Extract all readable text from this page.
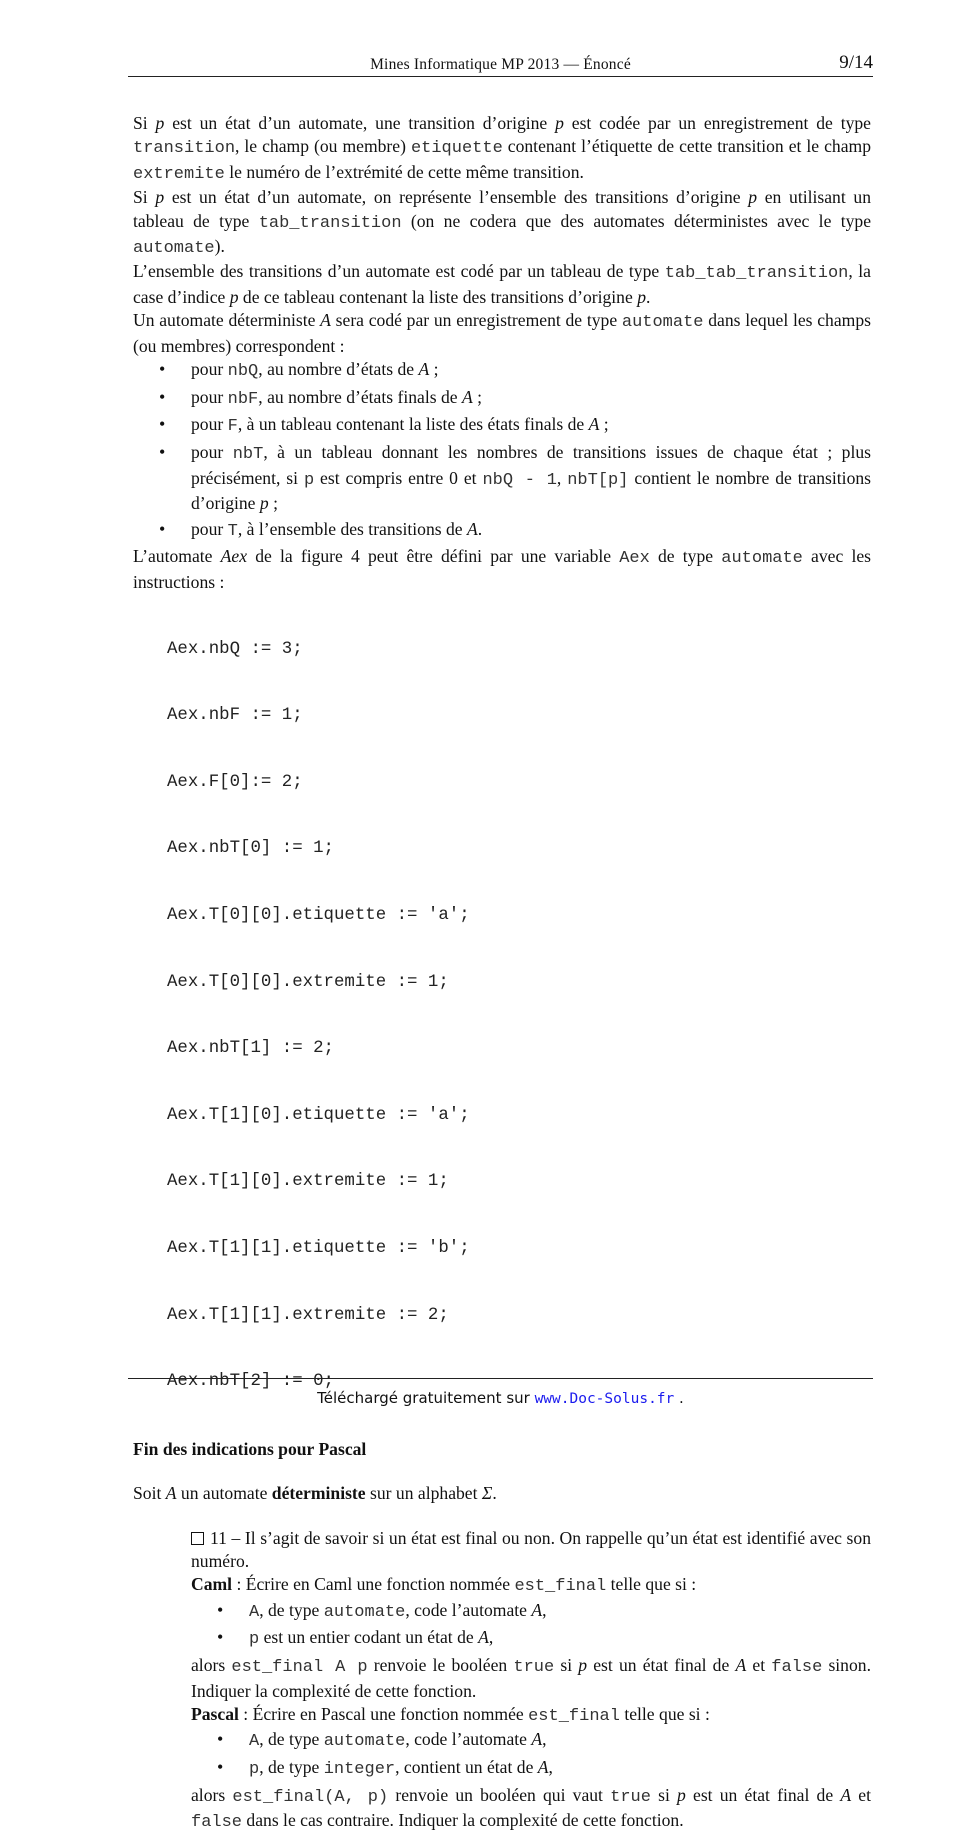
Mines Informatique MP 2013 — Énoncé	9/14

Si p est un état d’un automate, une transition d’origine p est codée par un enregistrement de type transition, le champ (ou membre) etiquette contenant l’étiquette de cette transition et le champ extremite le numéro de l’extrémité de cette même transition.

Si p est un état d’un automate, on représente l’ensemble des transitions d’origine p en utilisant un tableau de type tab_transition (on ne codera que des automates déterministes avec le type automate).

L’ensemble des transitions d’un automate est codé par un tableau de type tab_tab_transition, la case d’indice p de ce tableau contenant la liste des transitions d’origine p.

Un automate déterministe A sera codé par un enregistrement de type automate dans lequel les champs (ou membres) correspondent :

• pour nbQ, au nombre d’états de A ;
• pour nbF, au nombre d’états finals de A ;
• pour F, à un tableau contenant la liste des états finals de A ;
• pour nbT, à un tableau donnant les nombres de transitions issues de chaque état ; plus précisément, si p est compris entre 0 et nbQ - 1, nbT[p] contient le nombre de transitions d’origine p ;
• pour T, à l’ensemble des transitions de A.

L’automate Aex de la figure 4 peut être défini par une variable Aex de type automate avec les instructions :

Aex.nbQ := 3;

Aex.nbF := 1;

Aex.F[0]:= 2;

Aex.nbT[0] := 1;

Aex.T[0][0].etiquette := 'a';

Aex.T[0][0].extremite := 1;

Aex.nbT[1] := 2;

Aex.T[1][0].etiquette := 'a';

Aex.T[1][0].extremite := 1;

Aex.T[1][1].etiquette := 'b';

Aex.T[1][1].extremite := 2;

Aex.nbT[2] := 0;

Fin des indications pour Pascal

Soit A un automate déterministe sur un alphabet Σ.

11 – Il s’agit de savoir si un état est final ou non. On rappelle qu’un état est identifié avec son numéro.

Caml : Écrire en Caml une fonction nommée est_final telle que si :

• A, de type automate, code l’automate A,
• p est un entier codant un état de A,

alors est_final A p renvoie le booléen true si p est un état final de A et false sinon. Indiquer la complexité de cette fonction.

Pascal : Écrire en Pascal une fonction nommée est_final telle que si :

• A, de type automate, code l’automate A,
• p, de type integer, contient un état de A,

alors est_final(A, p) renvoie un booléen qui vaut true si p est un état final de A et false dans le cas contraire. Indiquer la complexité de cette fonction.

Téléchargé gratuitement sur www.Doc-Solus.fr .
